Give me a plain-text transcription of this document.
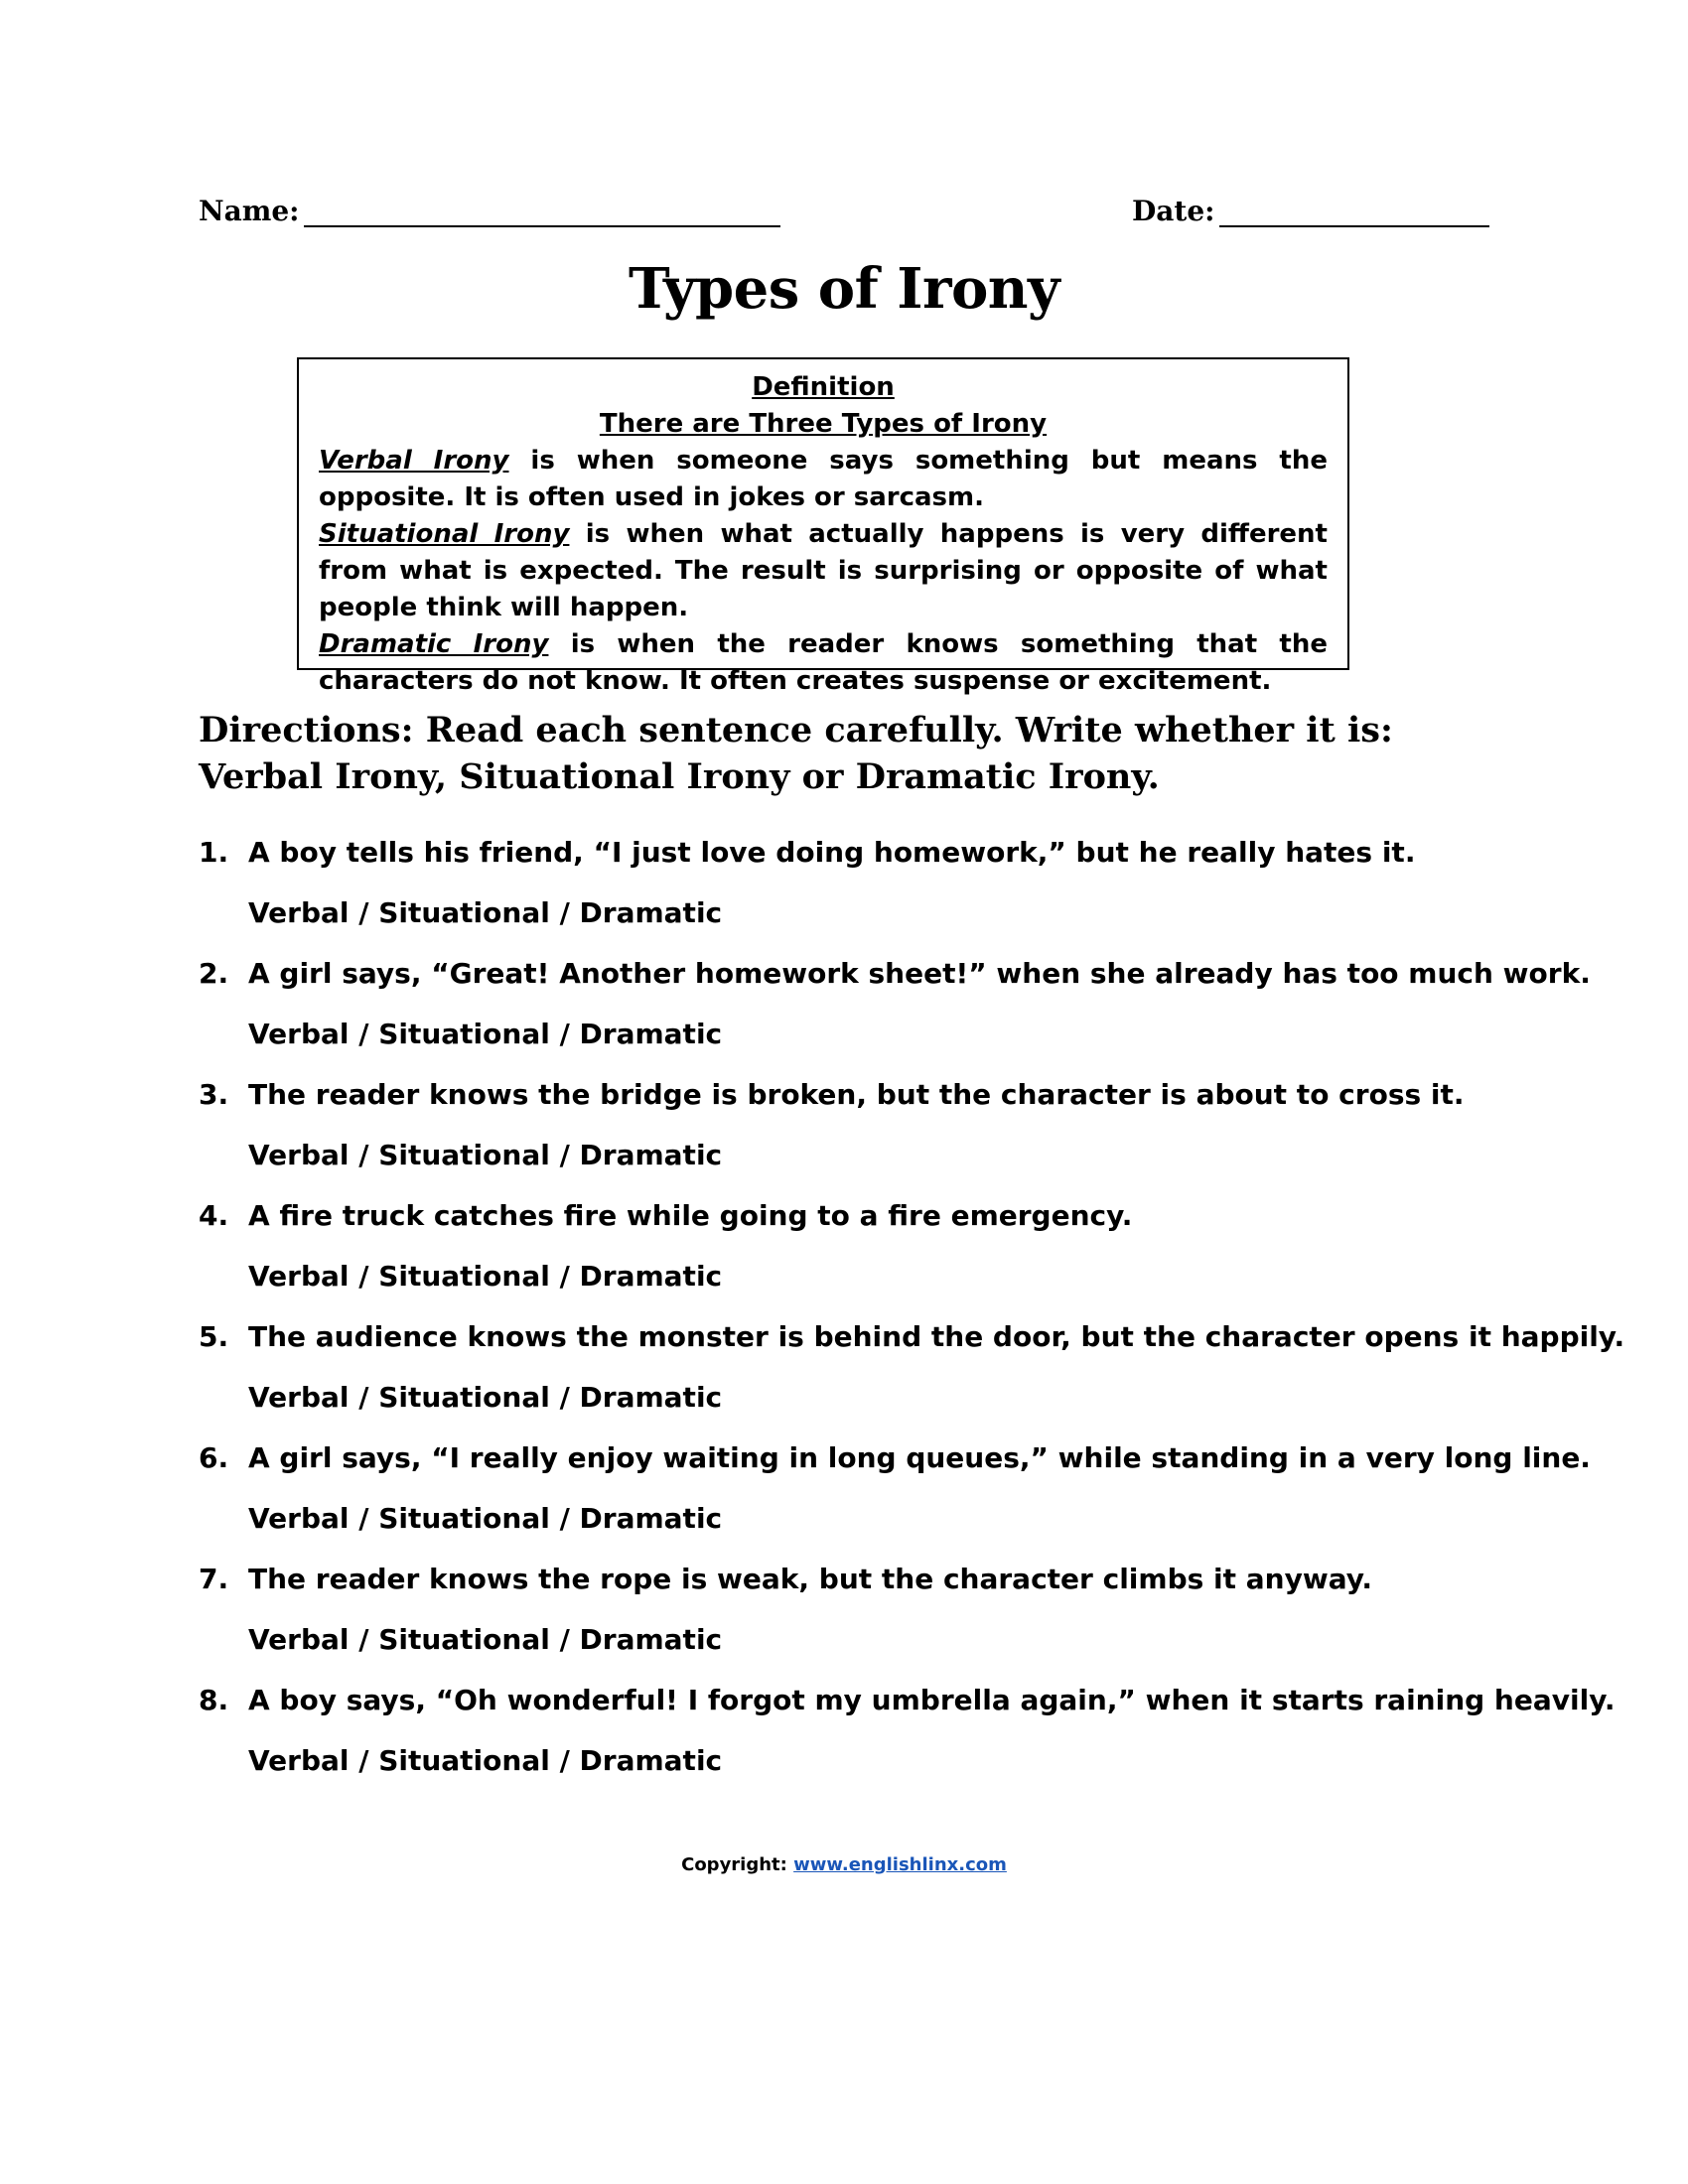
Name:	Date:
Types of Irony
Definition
There are Three Types of Irony
Verbal Irony is when someone says something but means the opposite. It is often used in jokes or sarcasm.
Situational Irony is when what actually happens is very different from what is expected. The result is surprising or opposite of what people think will happen.
Dramatic Irony is when the reader knows something that the characters do not know. It often creates suspense or excitement.
Directions: Read each sentence carefully. Write whether it is: Verbal Irony, Situational Irony or Dramatic Irony.
1. A boy tells his friend, “I just love doing homework,” but he really hates it.
Verbal / Situational / Dramatic
2. A girl says, “Great! Another homework sheet!” when she already has too much work.
Verbal / Situational / Dramatic
3. The reader knows the bridge is broken, but the character is about to cross it.
Verbal / Situational / Dramatic
4. A fire truck catches fire while going to a fire emergency.
Verbal / Situational / Dramatic
5. The audience knows the monster is behind the door, but the character opens it happily.
Verbal / Situational / Dramatic
6. A girl says, “I really enjoy waiting in long queues,” while standing in a very long line.
Verbal / Situational / Dramatic
7. The reader knows the rope is weak, but the character climbs it anyway.
Verbal / Situational / Dramatic
8. A boy says, “Oh wonderful! I forgot my umbrella again,” when it starts raining heavily.
Verbal / Situational / Dramatic
Copyright: www.englishlinx.com
